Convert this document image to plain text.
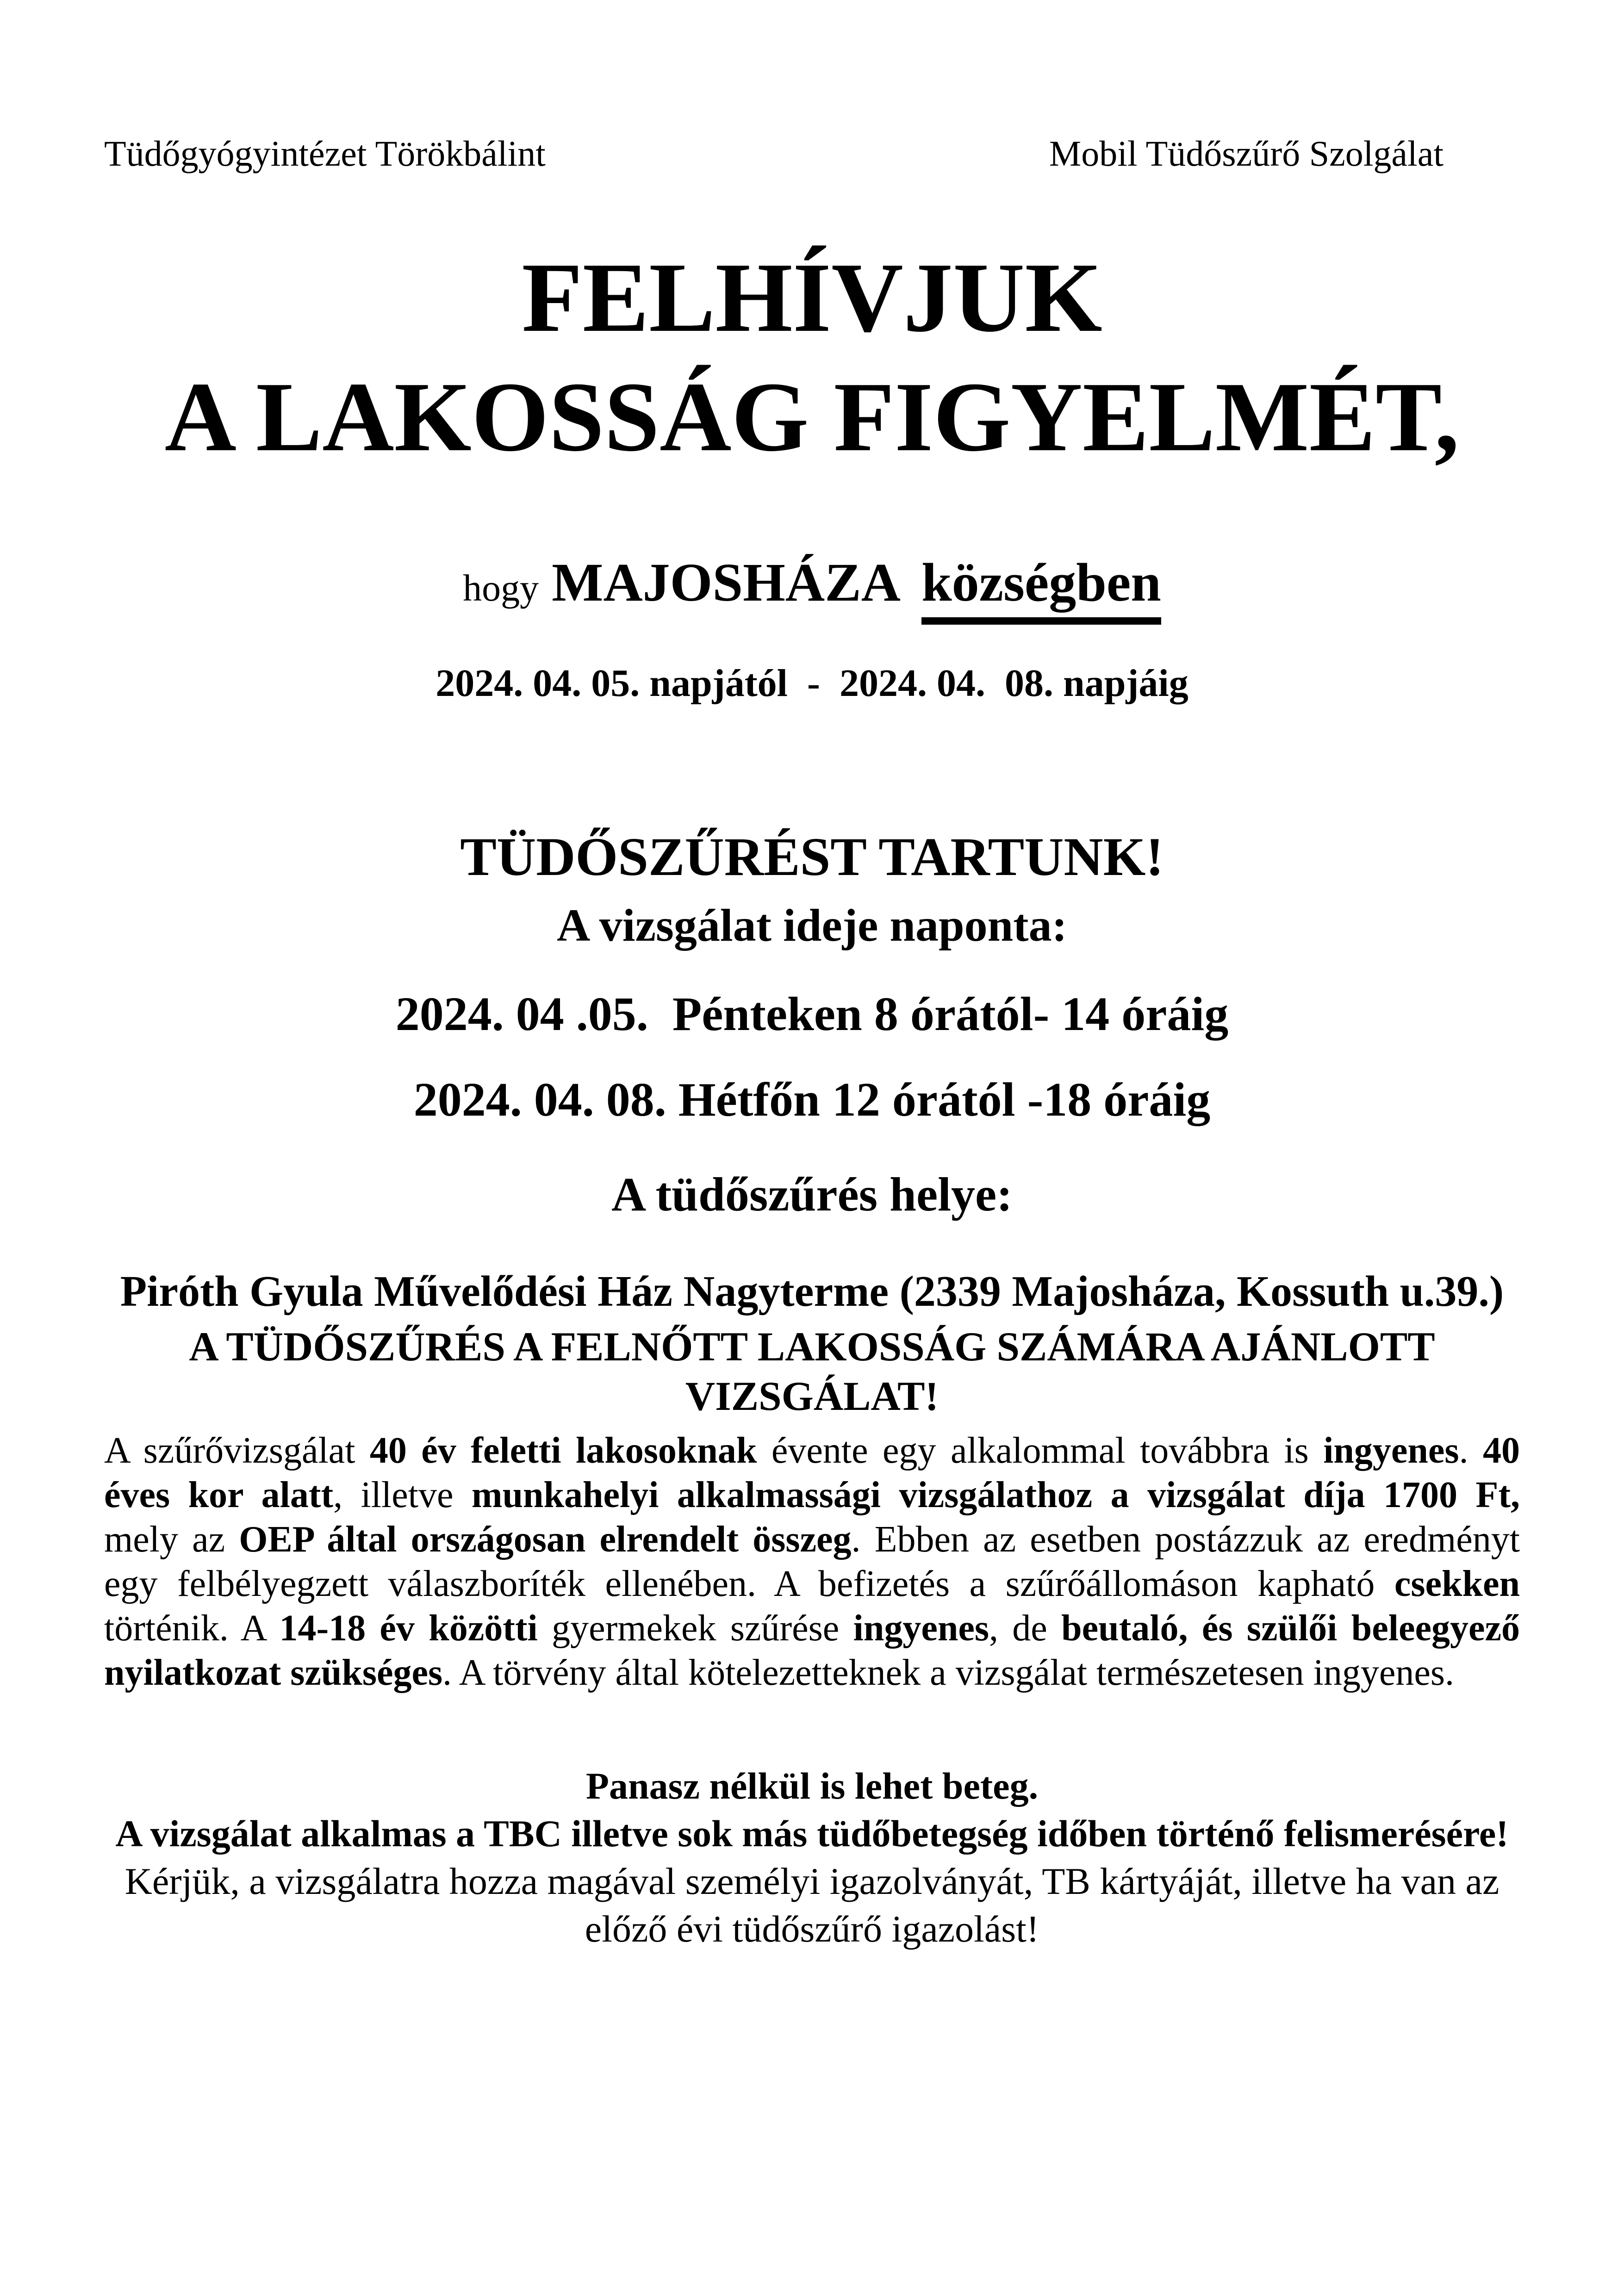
Tüdőgyógyintézet Törökbálint	Mobil Tüdőszűrő Szolgálat
FELHÍVJUK
A LAKOSSÁG FIGYELMÉT,
hogy MAJOSHÁZA községben
2024. 04. 05. napjától  -  2024. 04.  08. napjáig
TÜDŐSZŰRÉST TARTUNK!
A vizsgálat ideje naponta:
2024. 04 .05.  Pénteken 8 órától- 14 óráig
2024. 04. 08. Hétfőn 12 órától -18 óráig
A tüdőszűrés helye:
Piróth Gyula Művelődési Ház Nagyterme (2339 Majosháza, Kossuth u.39.)
A TÜDŐSZŰRÉS A FELNŐTT LAKOSSÁG SZÁMÁRA AJÁNLOTT
VIZSGÁLAT!
A szűrővizsgálat 40 év feletti lakosoknak évente egy alkalommal továbbra is ingyenes. 40
éves kor alatt, illetve munkahelyi alkalmassági vizsgálathoz a vizsgálat díja 1700 Ft,
mely az OEP által országosan elrendelt összeg. Ebben az esetben postázzuk az eredményt
egy felbélyegzett válaszboríték ellenében. A befizetés a szűrőállomáson kapható csekken
történik. A 14-18 év közötti gyermekek szűrése ingyenes, de beutaló, és szülői beleegyező
nyilatkozat szükséges. A törvény által kötelezetteknek a vizsgálat természetesen ingyenes.
Panasz nélkül is lehet beteg.
A vizsgálat alkalmas a TBC illetve sok más tüdőbetegség időben történő felismerésére!
Kérjük, a vizsgálatra hozza magával személyi igazolványát, TB kártyáját, illetve ha van az
előző évi tüdőszűrő igazolást!
